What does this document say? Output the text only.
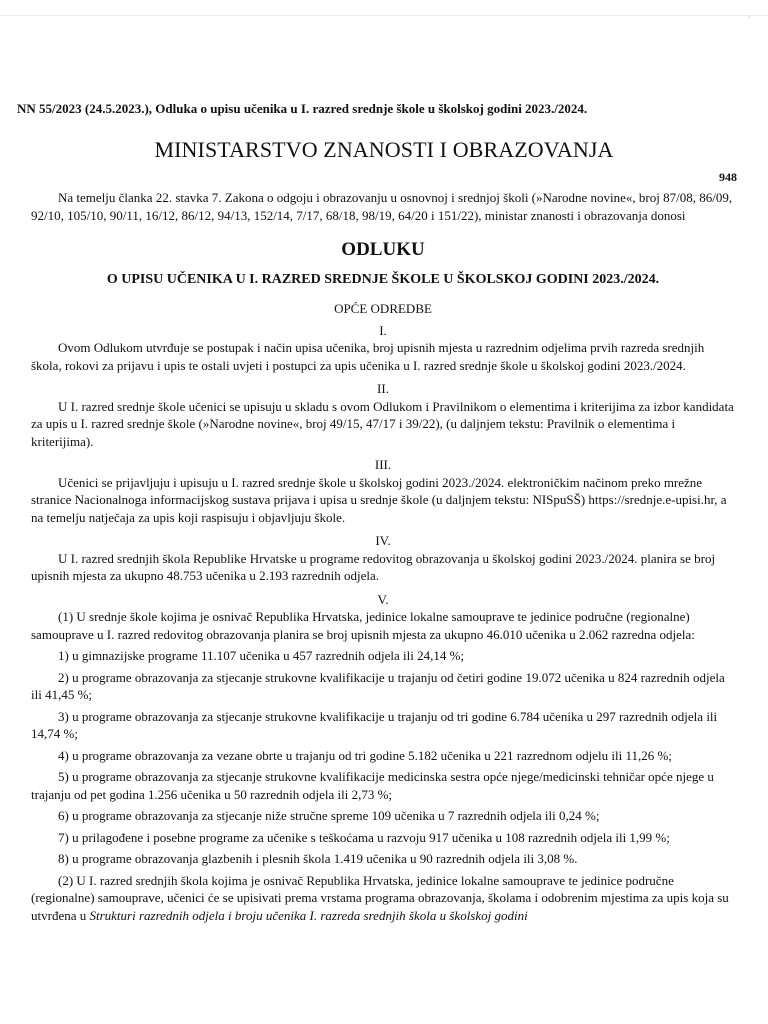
NN 55/2023 (24.5.2023.), Odluka o upisu učenika u I. razred srednje škole u školskoj godini 2023./2024.
MINISTARSTVO ZNANOSTI I OBRAZOVANJA
948

Na temelju članka 22. stavka 7. Zakona o odgoju i obrazovanju u osnovnoj i srednjoj školi (»Narodne novine«, broj 87/08, 86/09, 92/10, 105/10, 90/11, 16/12, 86/12, 94/13, 152/14, 7/17, 68/18, 98/19, 64/20 i 151/22), ministar znanosti i obrazovanja donosi

ODLUKU

O UPISU UČENIKA U I. RAZRED SREDNJE ŠKOLE U ŠKOLSKOJ GODINI 2023./2024.

OPĆE ODREDBE

I.

Ovom Odlukom utvrđuje se postupak i način upisa učenika, broj upisnih mjesta u razrednim odjelima prvih razreda srednjih škola, rokovi za prijavu i upis te ostali uvjeti i postupci za upis učenika u I. razred srednje škole u školskoj godini 2023./2024.

II.

U I. razred srednje škole učenici se upisuju u skladu s ovom Odlukom i Pravilnikom o elementima i kriterijima za izbor kandidata za upis u I. razred srednje škole (»Narodne novine«, broj 49/15, 47/17 i 39/22), (u daljnjem tekstu: Pravilnik o elementima i kriterijima).

III.

Učenici se prijavljuju i upisuju u I. razred srednje škole u školskoj godini 2023./2024. elektroničkim načinom preko mrežne stranice Nacionalnoga informacijskog sustava prijava i upisa u srednje škole (u daljnjem tekstu: NISpuSŠ) https://srednje.e-upisi.hr, a na temelju natječaja za upis koji raspisuju i objavljuju škole.

IV.

U I. razred srednjih škola Republike Hrvatske u programe redovitog obrazovanja u školskoj godini 2023./2024. planira se broj upisnih mjesta za ukupno 48.753 učenika u 2.193 razrednih odjela.

V.

(1) U srednje škole kojima je osnivač Republika Hrvatska, jedinice lokalne samouprave te jedinice područne (regionalne) samouprave u I. razred redovitog obrazovanja planira se broj upisnih mjesta za ukupno 46.010 učenika u 2.062 razredna odjela:

1) u gimnazijske programe 11.107 učenika u 457 razrednih odjela ili 24,14 %;

2) u programe obrazovanja za stjecanje strukovne kvalifikacije u trajanju od četiri godine 19.072 učenika u 824 razrednih odjela ili 41,45 %;

3) u programe obrazovanja za stjecanje strukovne kvalifikacije u trajanju od tri godine 6.784 učenika u 297 razrednih odjela ili 14,74 %;

4) u programe obrazovanja za vezane obrte u trajanju od tri godine 5.182 učenika u 221 razrednom odjelu ili 11,26 %;

5) u programe obrazovanja za stjecanje strukovne kvalifikacije medicinska sestra opće njege/medicinski tehničar opće njege u trajanju od pet godina 1.256 učenika u 50 razrednih odjela ili 2,73 %;

6) u programe obrazovanja za stjecanje niže stručne spreme 109 učenika u 7 razrednih odjela ili 0,24 %;

7) u prilagođene i posebne programe za učenike s teškoćama u razvoju 917 učenika u 108 razrednih odjela ili 1,99 %;

8) u programe obrazovanja glazbenih i plesnih škola 1.419 učenika u 90 razrednih odjela ili 3,08 %.

(2) U I. razred srednjih škola kojima je osnivač Republika Hrvatska, jedinice lokalne samouprave te jedinice područne (regionalne) samouprave, učenici će se upisivati prema vrstama programa obrazovanja, školama i odobrenim mjestima za upis koja su utvrđena u Strukturi razrednih odjela i broju učenika I. razreda srednjih škola u školskoj godini
